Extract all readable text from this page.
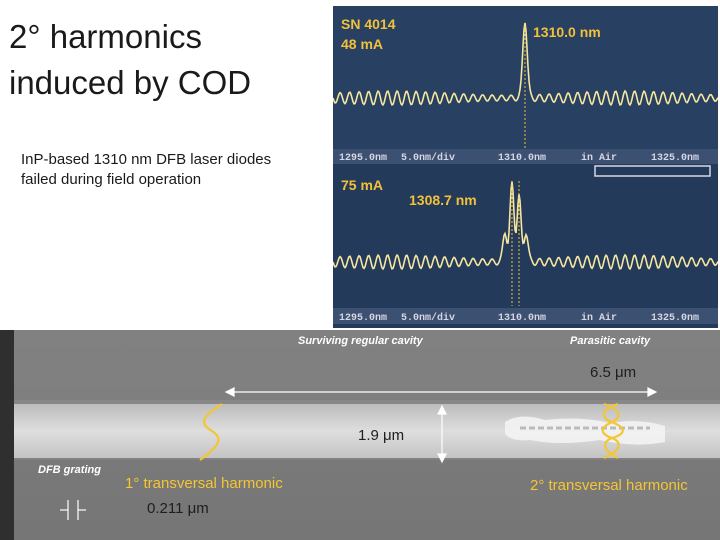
2° harmonics
induced by COD
InP-based 1310 nm DFB laser diodes
failed during field operation
1295.0nm 5.0nm/div	1310.0nm	in Air	1325.0nm
1295.0nm 5.0nm/div	1310.0nm	in Air	1325.0nm
SN 4014
48 mA
1310.0 nm
75 mA
1308.7 nm
Surviving regular cavity	Parasitic cavity
6.5 μm
1.9 μm
DFB grating
1° transversal harmonic	2° transversal harmonic
0.211 μm
